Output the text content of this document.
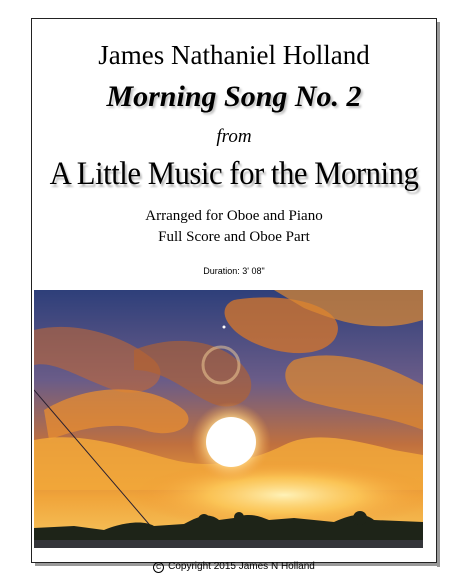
James Nathaniel Holland
Morning Song No. 2
from
A Little Music for the Morning
Arranged for Oboe and Piano
Full Score and Oboe Part
Duration: 3' 08"
C Copyright 2015 James N Holland
